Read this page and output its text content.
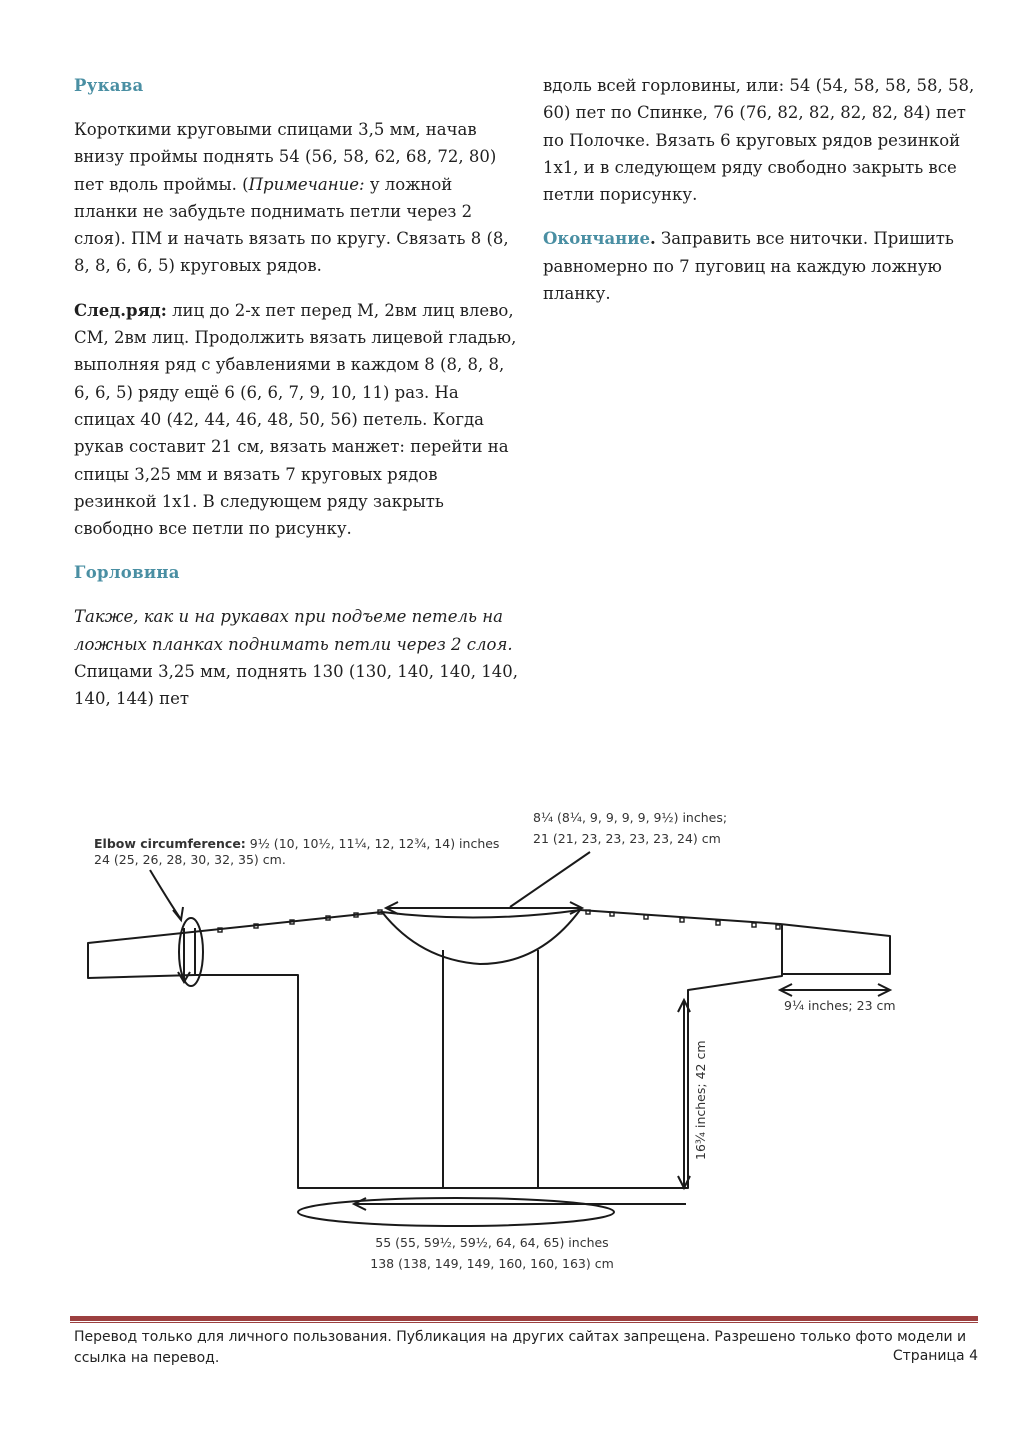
Рукава

Короткими круговыми спицами 3,5 мм, начав внизу проймы поднять 54 (56, 58, 62, 68, 72, 80) пет вдоль проймы. (Примечание: у ложной планки не забудьте поднимать петли через 2 слоя). ПМ и начать вязать по кругу. Связать 8 (8, 8, 8, 6, 6, 5) круговых рядов.

След.ряд: лиц до 2-х пет перед М, 2вм лиц влево, СМ, 2вм лиц. Продолжить вязать лицевой гладью, выполняя ряд с убавлениями в каждом 8 (8, 8, 8, 6, 6, 5) ряду ещё 6 (6, 6, 7, 9, 10, 11) раз. На спицах 40 (42, 44, 46, 48, 50, 56) петель. Когда рукав составит 21 см, вязать манжет: перейти на спицы 3,25 мм и вязать 7 круговых рядов резинкой 1х1. В следующем ряду закрыть свободно все петли по рисунку.

Горловина

Также, как и на рукавах при подъеме петель на ложных планках поднимать петли через 2 слоя. Спицами 3,25 мм, поднять 130 (130, 140, 140, 140, 140, 144) пет

вдоль всей горловины, или: 54 (54, 58, 58, 58, 58, 60) пет по Спинке, 76 (76, 82, 82, 82, 82, 84) пет по Полочке. Вязать 6 круговых рядов резинкой 1х1, и в следующем ряду свободно закрыть все петли порисунку.

Окончание. Заправить все ниточки. Пришить равномерно по 7 пуговиц на каждую ложную планку.

Elbow circumference: 9½ (10, 10½, 11¼, 12, 12¾, 14) inches
24 (25, 26, 28, 30, 32, 35) cm.
8¼ (8¼, 9, 9, 9, 9, 9½) inches;
21 (21, 23, 23, 23, 23, 24) cm
9¼ inches; 23 cm
16¾ inches; 42 cm
55 (55, 59½, 59½, 64, 64, 65) inches
138 (138, 149, 149, 160, 160, 163) cm
Перевод только для личного пользования. Публикация на других сайтах запрещена. Разрешено только фото модели и ссылка на перевод.	Страница 4
